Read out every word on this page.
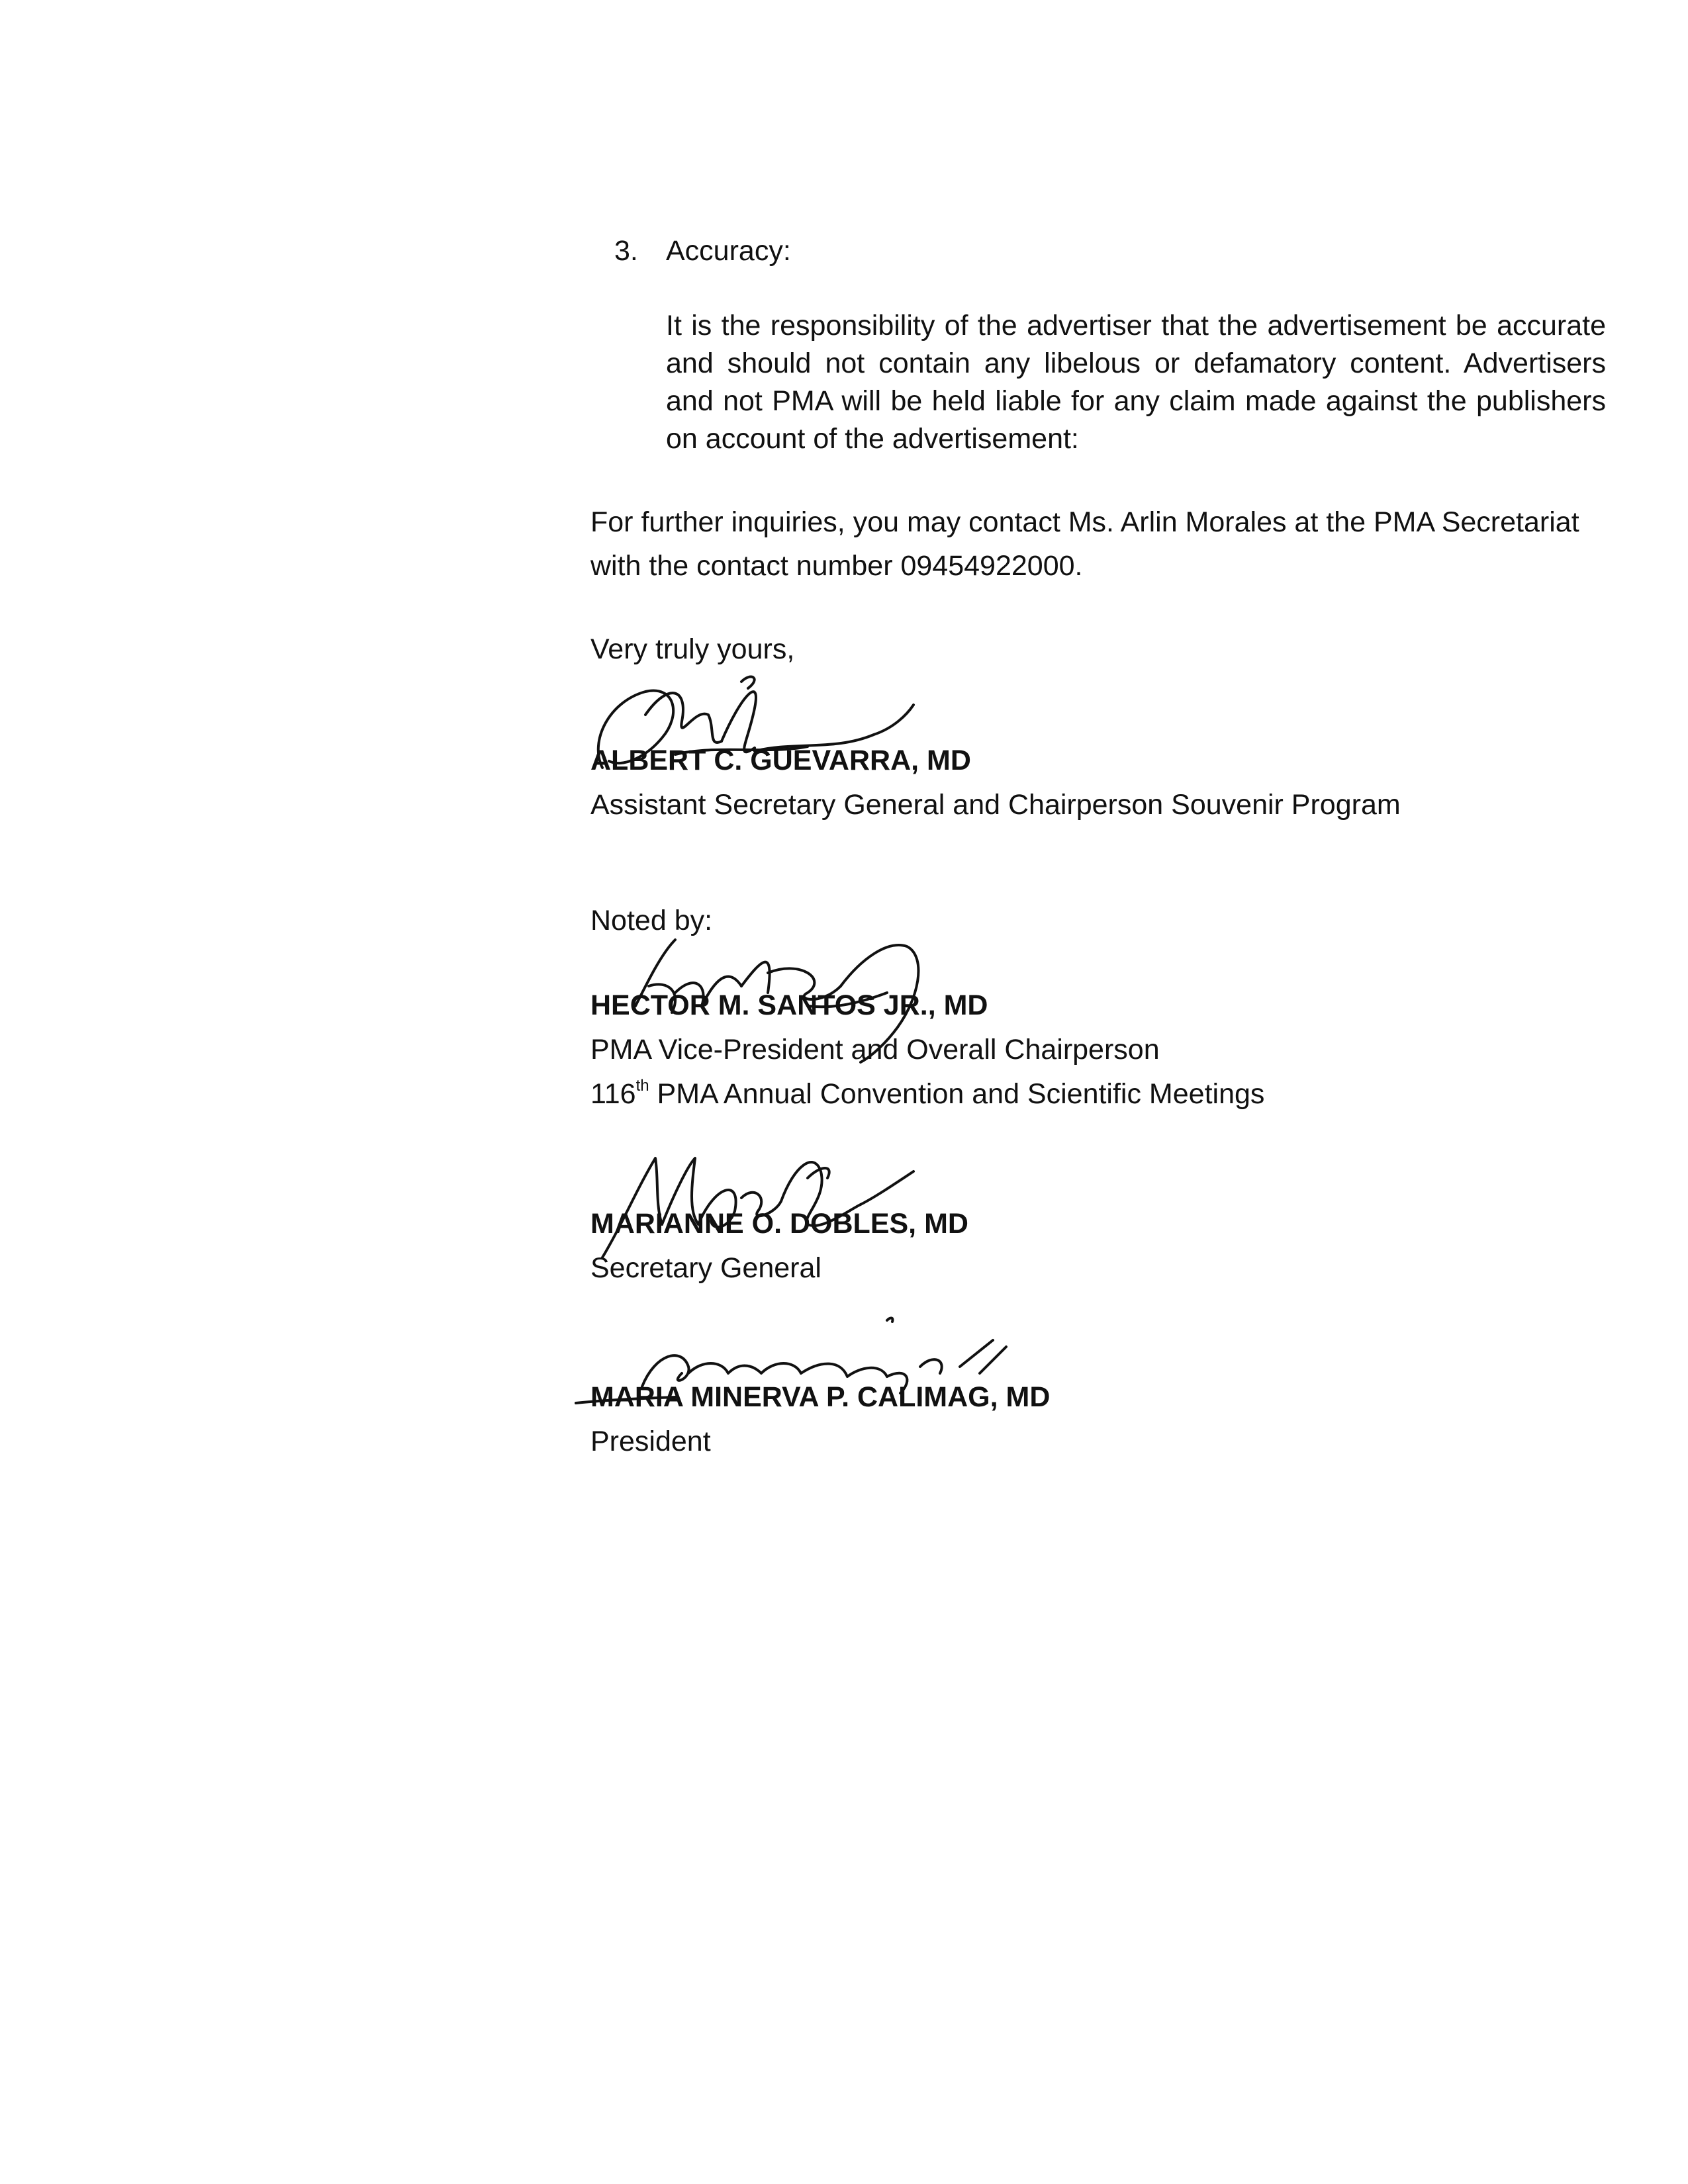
3. Accuracy:
It is the responsibility of the advertiser that the advertisement be accurate and should not contain any libelous or defamatory content. Advertisers and not PMA will be held liable for any claim made against the publishers on account of the advertisement:
For further inquiries, you may contact Ms. Arlin Morales at the PMA Secretariat with the contact number 09454922000.
Very truly yours,
ALBERT C. GUEVARRA, MD
Assistant Secretary General and Chairperson Souvenir Program
Noted by:
HECTOR M. SANTOS JR., MD
PMA Vice-President and Overall Chairperson
116th PMA Annual Convention and Scientific Meetings
MARIANNE O. DOBLES, MD
Secretary General
MARIA MINERVA P. CALIMAG, MD
President
